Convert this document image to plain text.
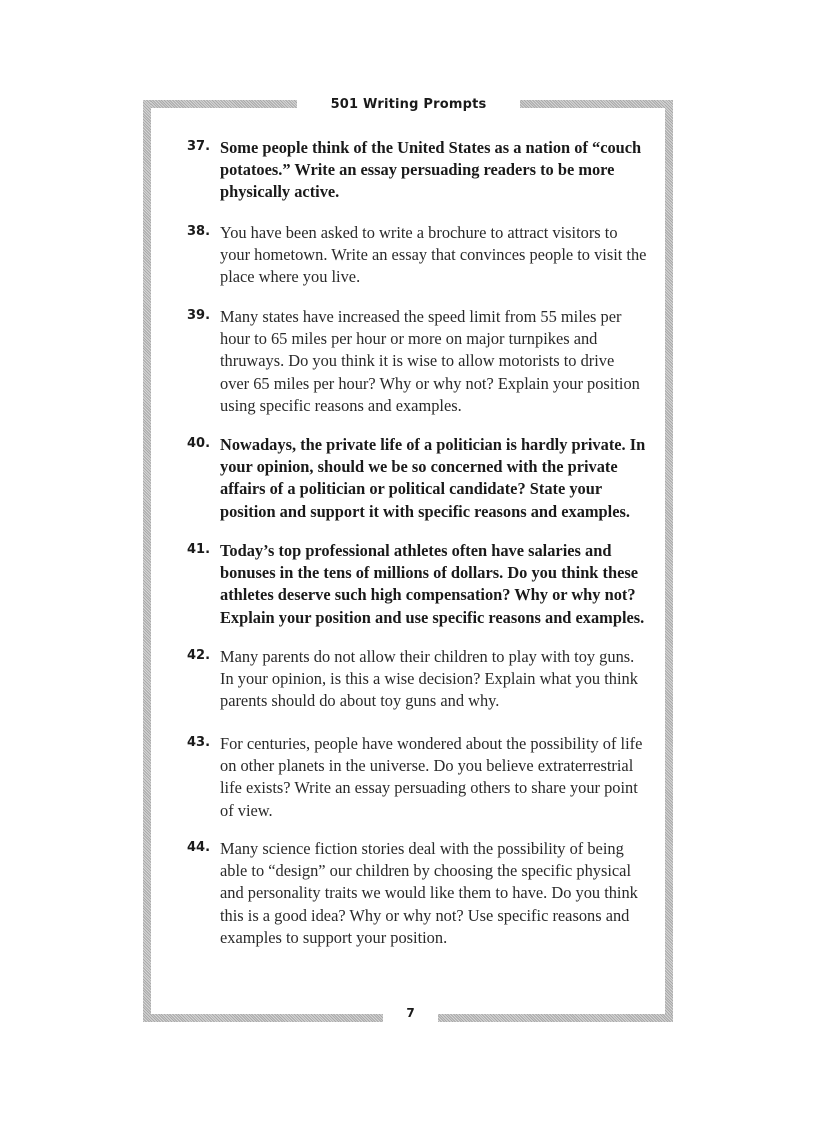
501 Writing Prompts
37. Some people think of the United States as a nation of “couch potatoes.” Write an essay persuading readers to be more physically active.
38. You have been asked to write a brochure to attract visitors to your hometown. Write an essay that convinces people to visit the place where you live.
39. Many states have increased the speed limit from 55 miles per hour to 65 miles per hour or more on major turnpikes and thruways. Do you think it is wise to allow motorists to drive over 65 miles per hour? Why or why not? Explain your position using specific reasons and examples.
40. Nowadays, the private life of a politician is hardly private. In your opinion, should we be so concerned with the private affairs of a politician or political candidate? State your position and support it with specific reasons and examples.
41. Today’s top professional athletes often have salaries and bonuses in the tens of millions of dollars. Do you think these athletes deserve such high compensation? Why or why not? Explain your position and use specific reasons and examples.
42. Many parents do not allow their children to play with toy guns. In your opinion, is this a wise decision? Explain what you think parents should do about toy guns and why.
43. For centuries, people have wondered about the possibility of life on other planets in the universe. Do you believe extraterrestrial life exists? Write an essay persuading others to share your point of view.
44. Many science fiction stories deal with the possibility of being able to “design” our children by choosing the specific physical and personality traits we would like them to have. Do you think this is a good idea? Why or why not? Use specific reasons and examples to support your position.
7
